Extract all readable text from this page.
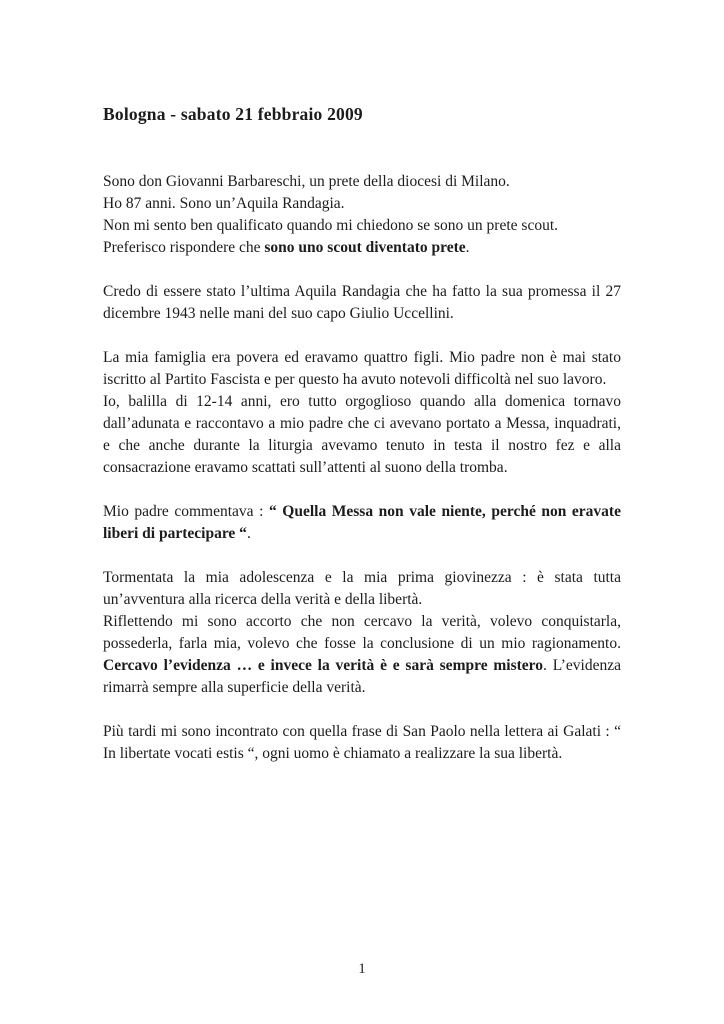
Bologna - sabato 21 febbraio 2009

Sono don Giovanni Barbareschi, un prete della diocesi di Milano.
Ho 87 anni. Sono un’Aquila Randagia.
Non mi sento ben qualificato quando mi chiedono se sono un prete scout.
Preferisco rispondere che sono uno scout diventato prete.

Credo di essere stato l’ultima Aquila Randagia che ha fatto la sua promessa il 27 dicembre 1943 nelle mani del suo capo Giulio Uccellini.

La mia famiglia era povera ed eravamo quattro figli. Mio padre non è mai stato iscritto al Partito Fascista e per questo ha avuto notevoli difficoltà nel suo lavoro.
Io, balilla di 12-14 anni, ero tutto orgoglioso quando alla domenica tornavo dall’adunata e raccontavo a mio padre che ci avevano portato a Messa, inquadrati, e che anche durante la liturgia avevamo tenuto in testa il nostro fez e alla consacrazione eravamo scattati sull’attenti al suono della tromba.

Mio padre commentava : “ Quella Messa non vale niente, perché non eravate liberi di partecipare “.

Tormentata la mia adolescenza e la mia prima giovinezza : è stata tutta un’avventura alla ricerca della verità e della libertà.
Riflettendo mi sono accorto che non cercavo la verità, volevo conquistarla, possederla, farla mia, volevo che fosse la conclusione di un mio ragionamento. Cercavo l’evidenza … e invece la verità è e sarà sempre mistero. L’evidenza rimarrà sempre alla superficie della verità.

Più tardi mi sono incontrato con quella frase di San Paolo nella lettera ai Galati : “ In libertate vocati estis “, ogni uomo è chiamato a realizzare la sua libertà.

1
